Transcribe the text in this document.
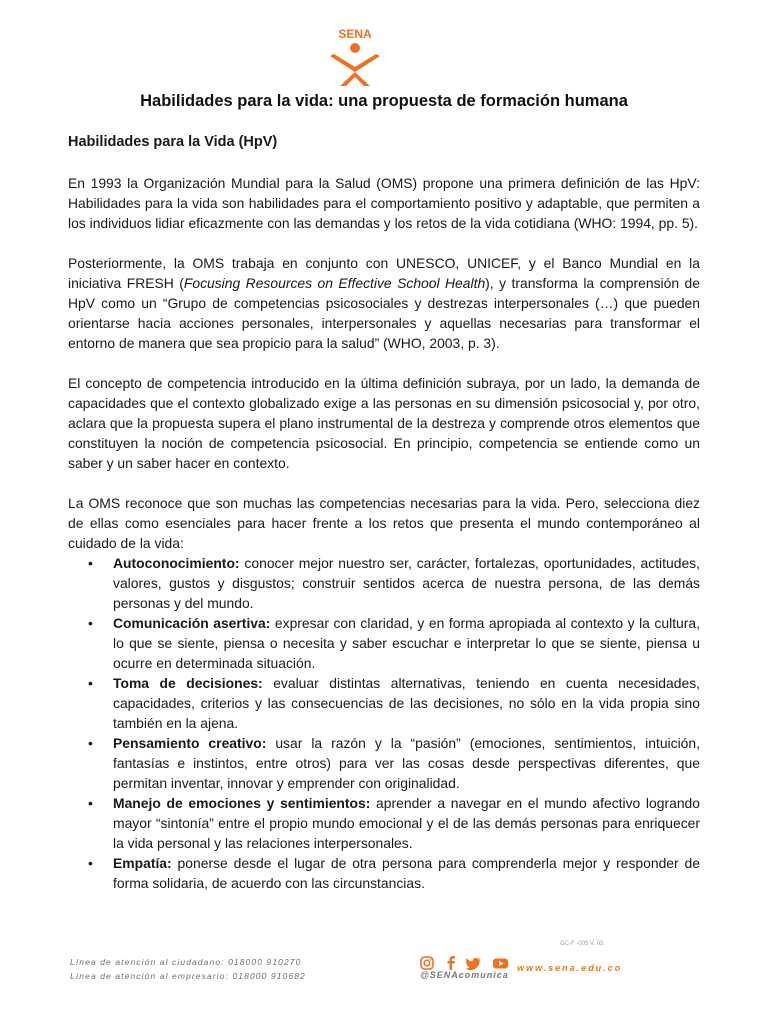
SENA
Habilidades para la vida: una propuesta de formación humana
Habilidades para la Vida (HpV)

En 1993 la Organización Mundial para la Salud (OMS) propone una primera definición de las HpV: Habilidades para la vida son habilidades para el comportamiento positivo y adaptable, que permiten a los individuos lidiar eficazmente con las demandas y los retos de la vida cotidiana (WHO: 1994, pp. 5).

Posteriormente, la OMS trabaja en conjunto con UNESCO, UNICEF, y el Banco Mundial en la iniciativa FRESH (Focusing Resources on Effective School Health), y transforma la comprensión de HpV como un “Grupo de competencias psicosociales y destrezas interpersonales (…) que pueden orientarse hacia acciones personales, interpersonales y aquellas necesarias para transformar el entorno de manera que sea propicio para la salud” (WHO, 2003, p. 3).

El concepto de competencia introducido en la última definición subraya, por un lado, la demanda de capacidades que el contexto globalizado exige a las personas en su dimensión psicosocial y, por otro, aclara que la propuesta supera el plano instrumental de la destreza y comprende otros elementos que constituyen la noción de competencia psicosocial. En principio, competencia se entiende como un saber y un saber hacer en contexto.

La OMS reconoce que son muchas las competencias necesarias para la vida. Pero, selecciona diez de ellas como esenciales para hacer frente a los retos que presenta el mundo contemporáneo al cuidado de la vida:

• Autoconocimiento: conocer mejor nuestro ser, carácter, fortalezas, oportunidades, actitudes, valores, gustos y disgustos; construir sentidos acerca de nuestra persona, de las demás personas y del mundo.
• Comunicación asertiva: expresar con claridad, y en forma apropiada al contexto y la cultura, lo que se siente, piensa o necesita y saber escuchar e interpretar lo que se siente, piensa u ocurre en determinada situación.
• Toma de decisiones: evaluar distintas alternativas, teniendo en cuenta necesidades, capacidades, criterios y las consecuencias de las decisiones, no sólo en la vida propia sino también en la ajena.
• Pensamiento creativo: usar la razón y la “pasión” (emociones, sentimientos, intuición, fantasías e instintos, entre otros) para ver las cosas desde perspectivas diferentes, que permitan inventar, innovar y emprender con originalidad.
• Manejo de emociones y sentimientos: aprender a navegar en el mundo afectivo logrando mayor “sintonía” entre el propio mundo emocional y el de las demás personas para enriquecer la vida personal y las relaciones interpersonales.
• Empatía: ponerse desde el lugar de otra persona para comprenderla mejor y responder de forma solidaria, de acuerdo con las circunstancias.
GC-F -005 V. 05
Línea de atención al ciudadano: 018000 910270
Línea de atención al empresario: 018000 910682	@SENAcomunica
www.sena.edu.co
